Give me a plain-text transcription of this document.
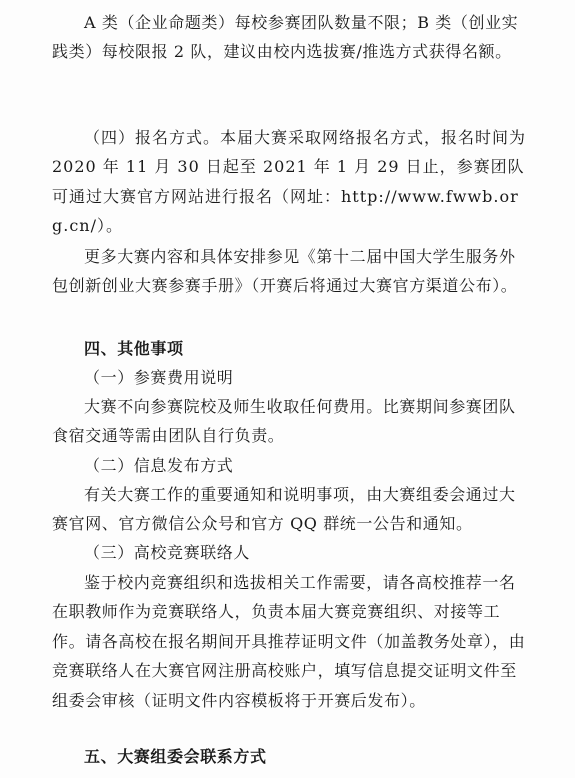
A 类（企业命题类）每校参赛团队数量不限；B 类（创业实践类）每校限报 2 队，建议由校内选拔赛/推选方式获得名额。
（四）报名方式。本届大赛采取网络报名方式，报名时间为 2020 年 11 月 30 日起至 2021 年 1 月 29 日止，参赛团队可通过大赛官方网站进行报名（网址：http://www.fwwb.org.cn/）。
更多大赛内容和具体安排参见《第十二届中国大学生服务外包创新创业大赛参赛手册》（开赛后将通过大赛官方渠道公布）。
四、其他事项
（一）参赛费用说明
大赛不向参赛院校及师生收取任何费用。比赛期间参赛团队食宿交通等需由团队自行负责。
（二）信息发布方式
有关大赛工作的重要通知和说明事项，由大赛组委会通过大赛官网、官方微信公众号和官方 QQ 群统一公告和通知。
（三）高校竞赛联络人
鉴于校内竞赛组织和选拔相关工作需要，请各高校推荐一名在职教师作为竞赛联络人，负责本届大赛竞赛组织、对接等工作。请各高校在报名期间开具推荐证明文件（加盖教务处章），由竞赛联络人在大赛官网注册高校账户，填写信息提交证明文件至组委会审核（证明文件内容模板将于开赛后发布）。
五、大赛组委会联系方式
